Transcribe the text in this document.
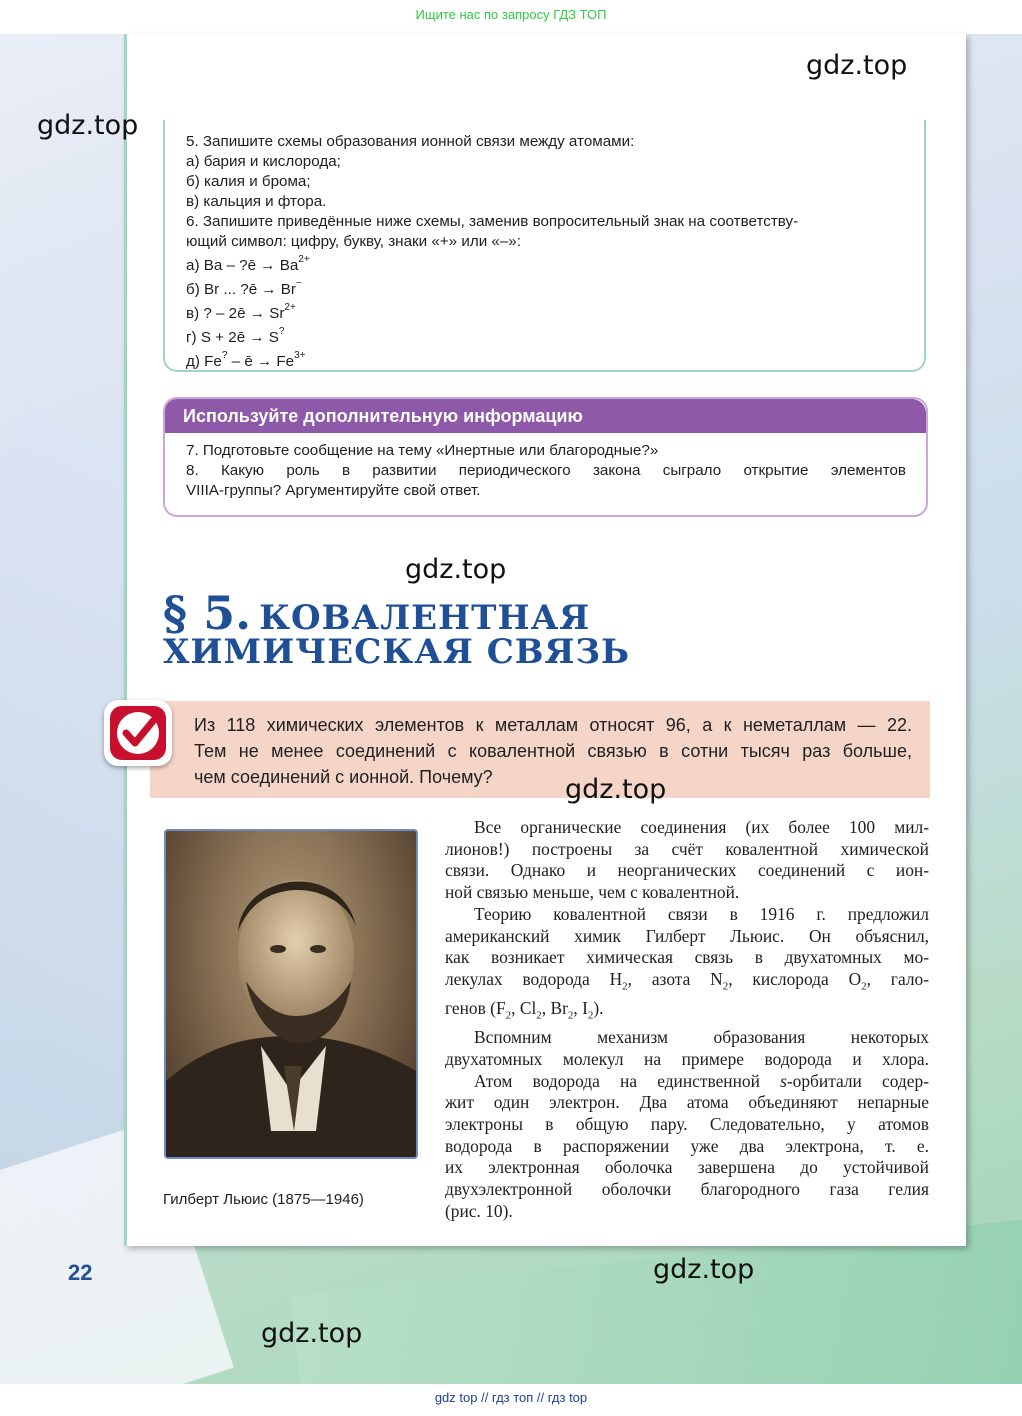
Ищите нас по запросу ГДЗ ТОП
5. Запишите схемы образования ионной связи между атомами:
а) бария и кислорода;
б) калия и брома;
в) кальция и фтора.
6. Запишите приведённые ниже схемы, заменив вопросительный знак на соответству-
ющий символ: цифру, букву, знаки «+» или «–»:
а) Ba – ?ē → $Ba^{2+}$
б) Br ... ?ē → Br−
в) ? – 2ē → $Sr^{2+}$
г) S + 2ē → S?
д) Fe? – ē → $Fe^{3+}$
Используйте дополнительную информацию
7. Подготовьте сообщение на тему «Инертные или благородные?»
8. Какую роль в развитии периодического закона сыграло открытие элементов
VIIIA-группы? Аргументируйте свой ответ.
§ 5. КОВАЛЕНТНАЯ
ХИМИЧЕСКАЯ СВЯЗЬ
Из 118 химических элементов к металлам относят 96, а к неметаллам — 22.
Тем не менее соединений с ковалентной связью в сотни тысяч раз больше,
чем соединений с ионной. Почему?
Гилберт Льюис (1875—1946)
Все органические соединения (их более 100 мил-
лионов!) построены за счёт ковалентной химической
связи. Однако и неорганических соединений с ион-
ной связью меньше, чем с ковалентной.
Теорию ковалентной связи в 1916 г. предложил
американский химик Гилберт Льюис. Он объяснил,
как возникает химическая связь в двухатомных мо-
лекулах водорода $H_2$, азота $N_2$, кислорода $O_2$, гало-
генов ($F_2$, $Cl_2$, $Br_2$, $I_2$).
Вспомним механизм образования некоторых
двухатомных молекул на примере водорода и хлора.
Атом водорода на единственной s-орбитали содер-
жит один электрон. Два атома объединяют непарные
электроны в общую пару. Следовательно, у атомов
водорода в распоряжении уже два электрона, т. е.
их электронная оболочка завершена до устойчивой
двухэлектронной оболочки благородного газа гелия
(рис. 10).
22
gdz.top
gdz.top
gdz.top
gdz.top
gdz.top
gdz.top
gdz top // гдз топ // гдз top
